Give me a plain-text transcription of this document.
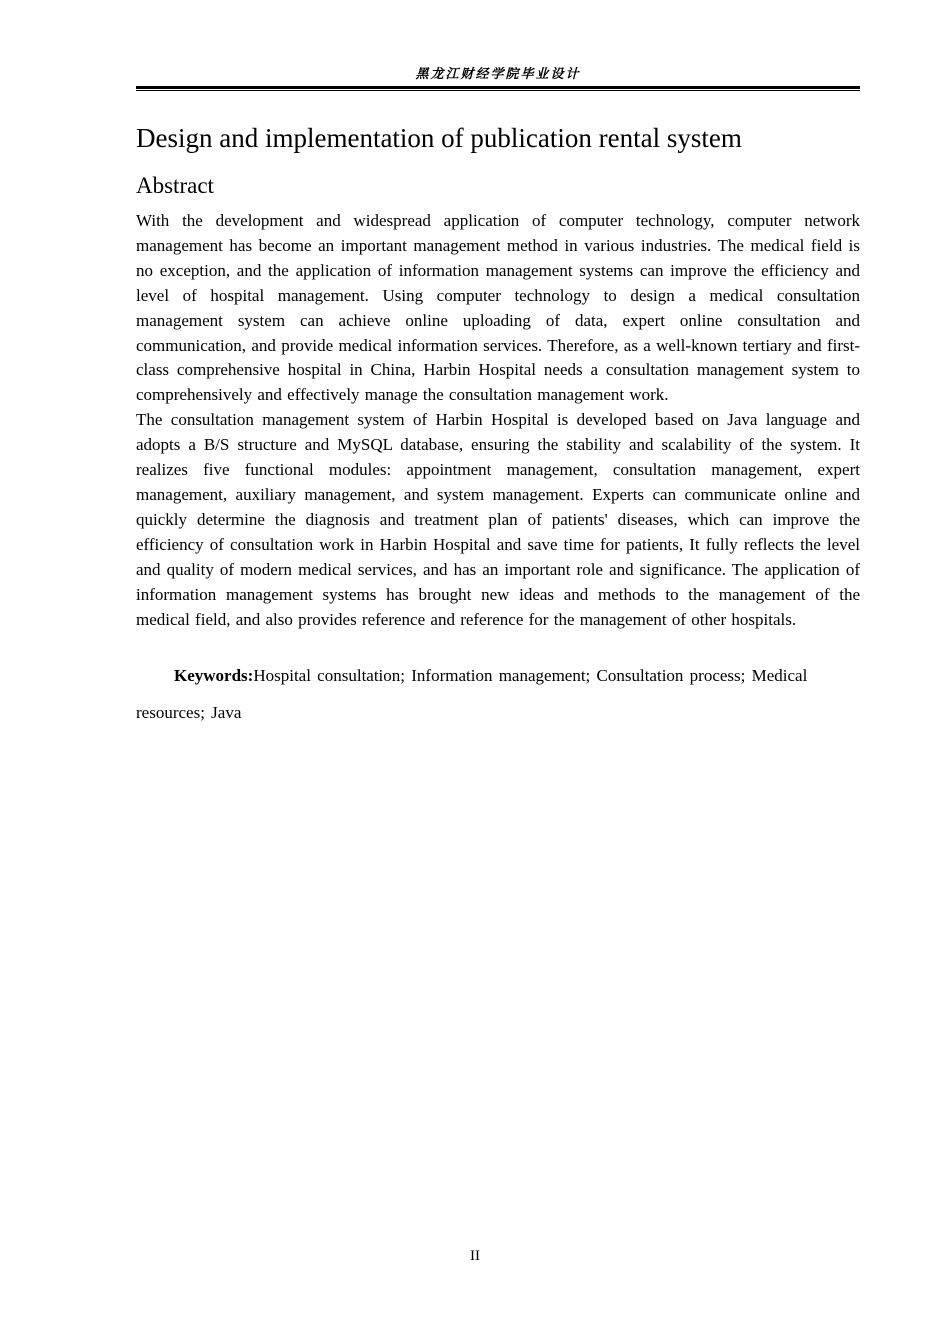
黑龙江财经学院毕业设计
Design and implementation of publication rental system
Abstract

With the development and widespread application of computer technology, computer network management has become an important management method in various industries. The medical field is no exception, and the application of information management systems can improve the efficiency and level of hospital management. Using computer technology to design a medical consultation management system can achieve online uploading of data, expert online consultation and communication, and provide medical information services. Therefore, as a well-known tertiary and first-class comprehensive hospital in China, Harbin Hospital needs a consultation management system to comprehensively and effectively manage the consultation management work.

The consultation management system of Harbin Hospital is developed based on Java language and adopts a B/S structure and MySQL database, ensuring the stability and scalability of the system. It realizes five functional modules: appointment management, consultation management, expert management, auxiliary management, and system management. Experts can communicate online and quickly determine the diagnosis and treatment plan of patients' diseases, which can improve the efficiency of consultation work in Harbin Hospital and save time for patients, It fully reflects the level and quality of modern medical services, and has an important role and significance. The application of information management systems has brought new ideas and methods to the management of the medical field, and also provides reference and reference for the management of other hospitals.

Keywords:Hospital consultation; Information management; Consultation process; Medical resources; Java

II
